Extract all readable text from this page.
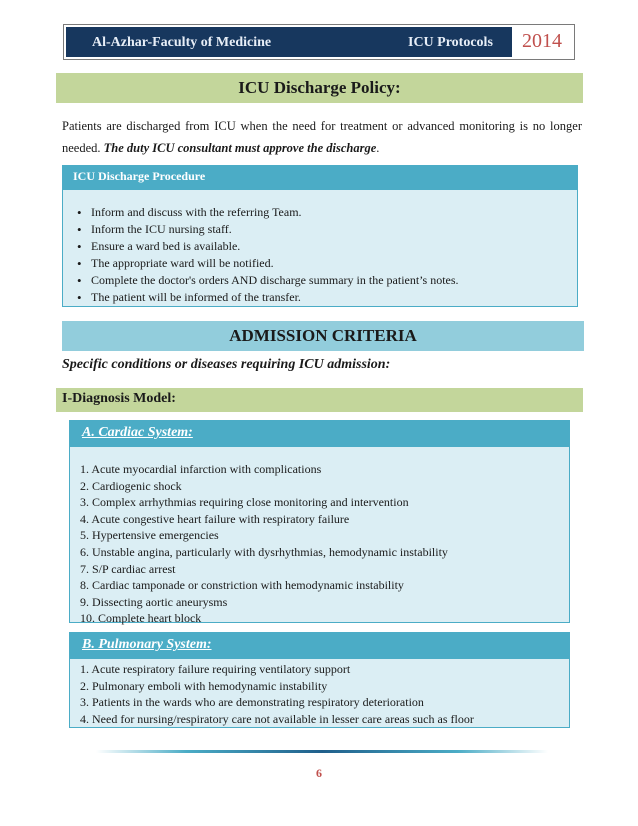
Al-Azhar-Faculty of Medicine	ICU Protocols	2014
ICU Discharge Policy:
Patients are discharged from ICU when the need for treatment or advanced monitoring is no longer needed. The duty ICU consultant must approve the discharge.
ICU Discharge Procedure
• Inform and discuss with the referring Team.
• Inform the ICU nursing staff.
• Ensure a ward bed is available.
• The appropriate ward will be notified.
• Complete the doctor's orders AND discharge summary in the patient’s notes.
• The patient will be informed of the transfer.
ADMISSION CRITERIA
Specific conditions or diseases requiring ICU admission:
I-Diagnosis Model:
A. Cardiac System:
1. Acute myocardial infarction with complications
2. Cardiogenic shock
3. Complex arrhythmias requiring close monitoring and intervention
4. Acute congestive heart failure with respiratory failure
5. Hypertensive emergencies
6. Unstable angina, particularly with dysrhythmias, hemodynamic instability
7. S/P cardiac arrest
8. Cardiac tamponade or constriction with hemodynamic instability
9. Dissecting aortic aneurysms
10. Complete heart block
B. Pulmonary System:
1. Acute respiratory failure requiring ventilatory support
2. Pulmonary emboli with hemodynamic instability
3. Patients in the wards who are demonstrating respiratory deterioration
4. Need for nursing/respiratory care not available in lesser care areas such as floor
6
